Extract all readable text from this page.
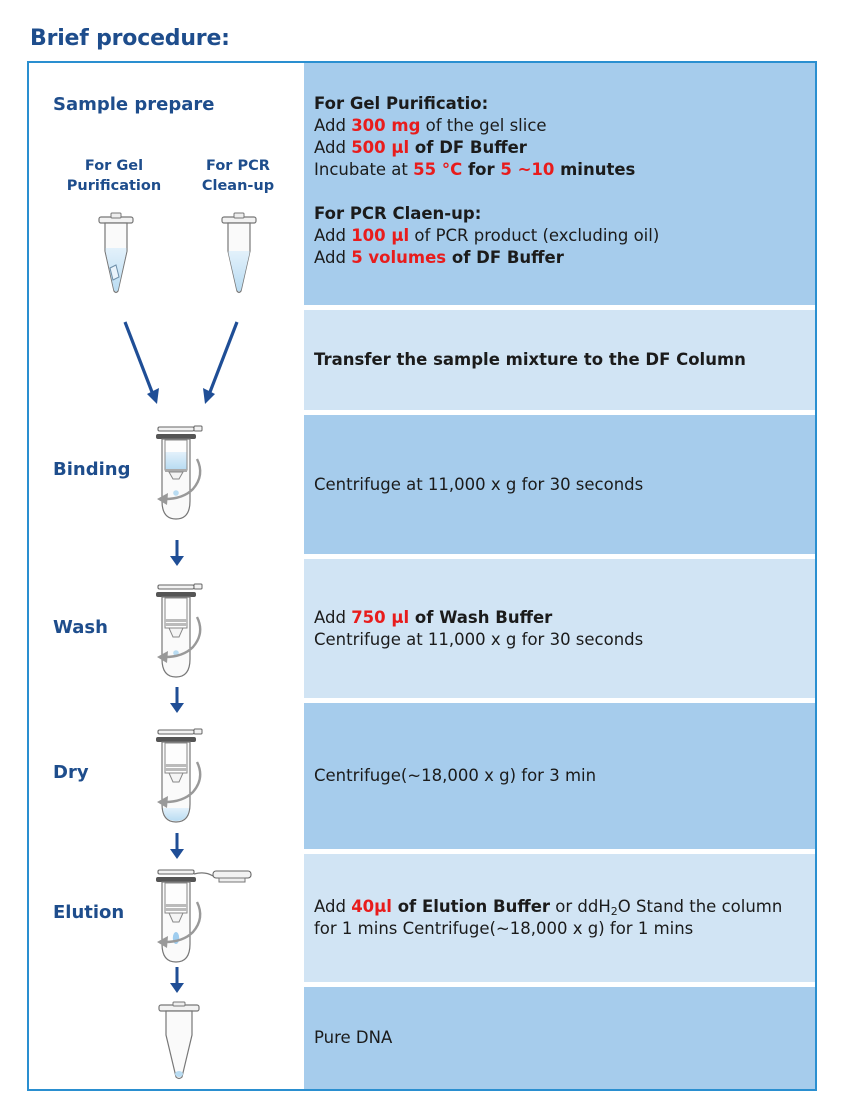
Brief procedure:
Sample prepare
For Gel
Purification
For PCR
Clean-up
Binding
Wash
Dry
Elution
For Gel Purificatio:
Add 300 mg of the gel slice
Add 500 µl of DF Buffer
Incubate at 55 °C for 5 ~10 minutes
For PCR Claen-up:
Add 100 µl of PCR product (excluding oil)
Add 5 volumes of DF Buffer
Transfer the sample mixture to the DF Column
Centrifuge at 11,000 x g for 30 seconds
Add 750 µl of Wash Buffer
Centrifuge at 11,000 x g for 30 seconds
Centrifuge(~18,000 x g) for 3 min
Add 40µl of Elution Buffer or ddH$_2$O Stand the column
for 1 mins Centrifuge(~18,000 x g) for 1 mins
Pure DNA
